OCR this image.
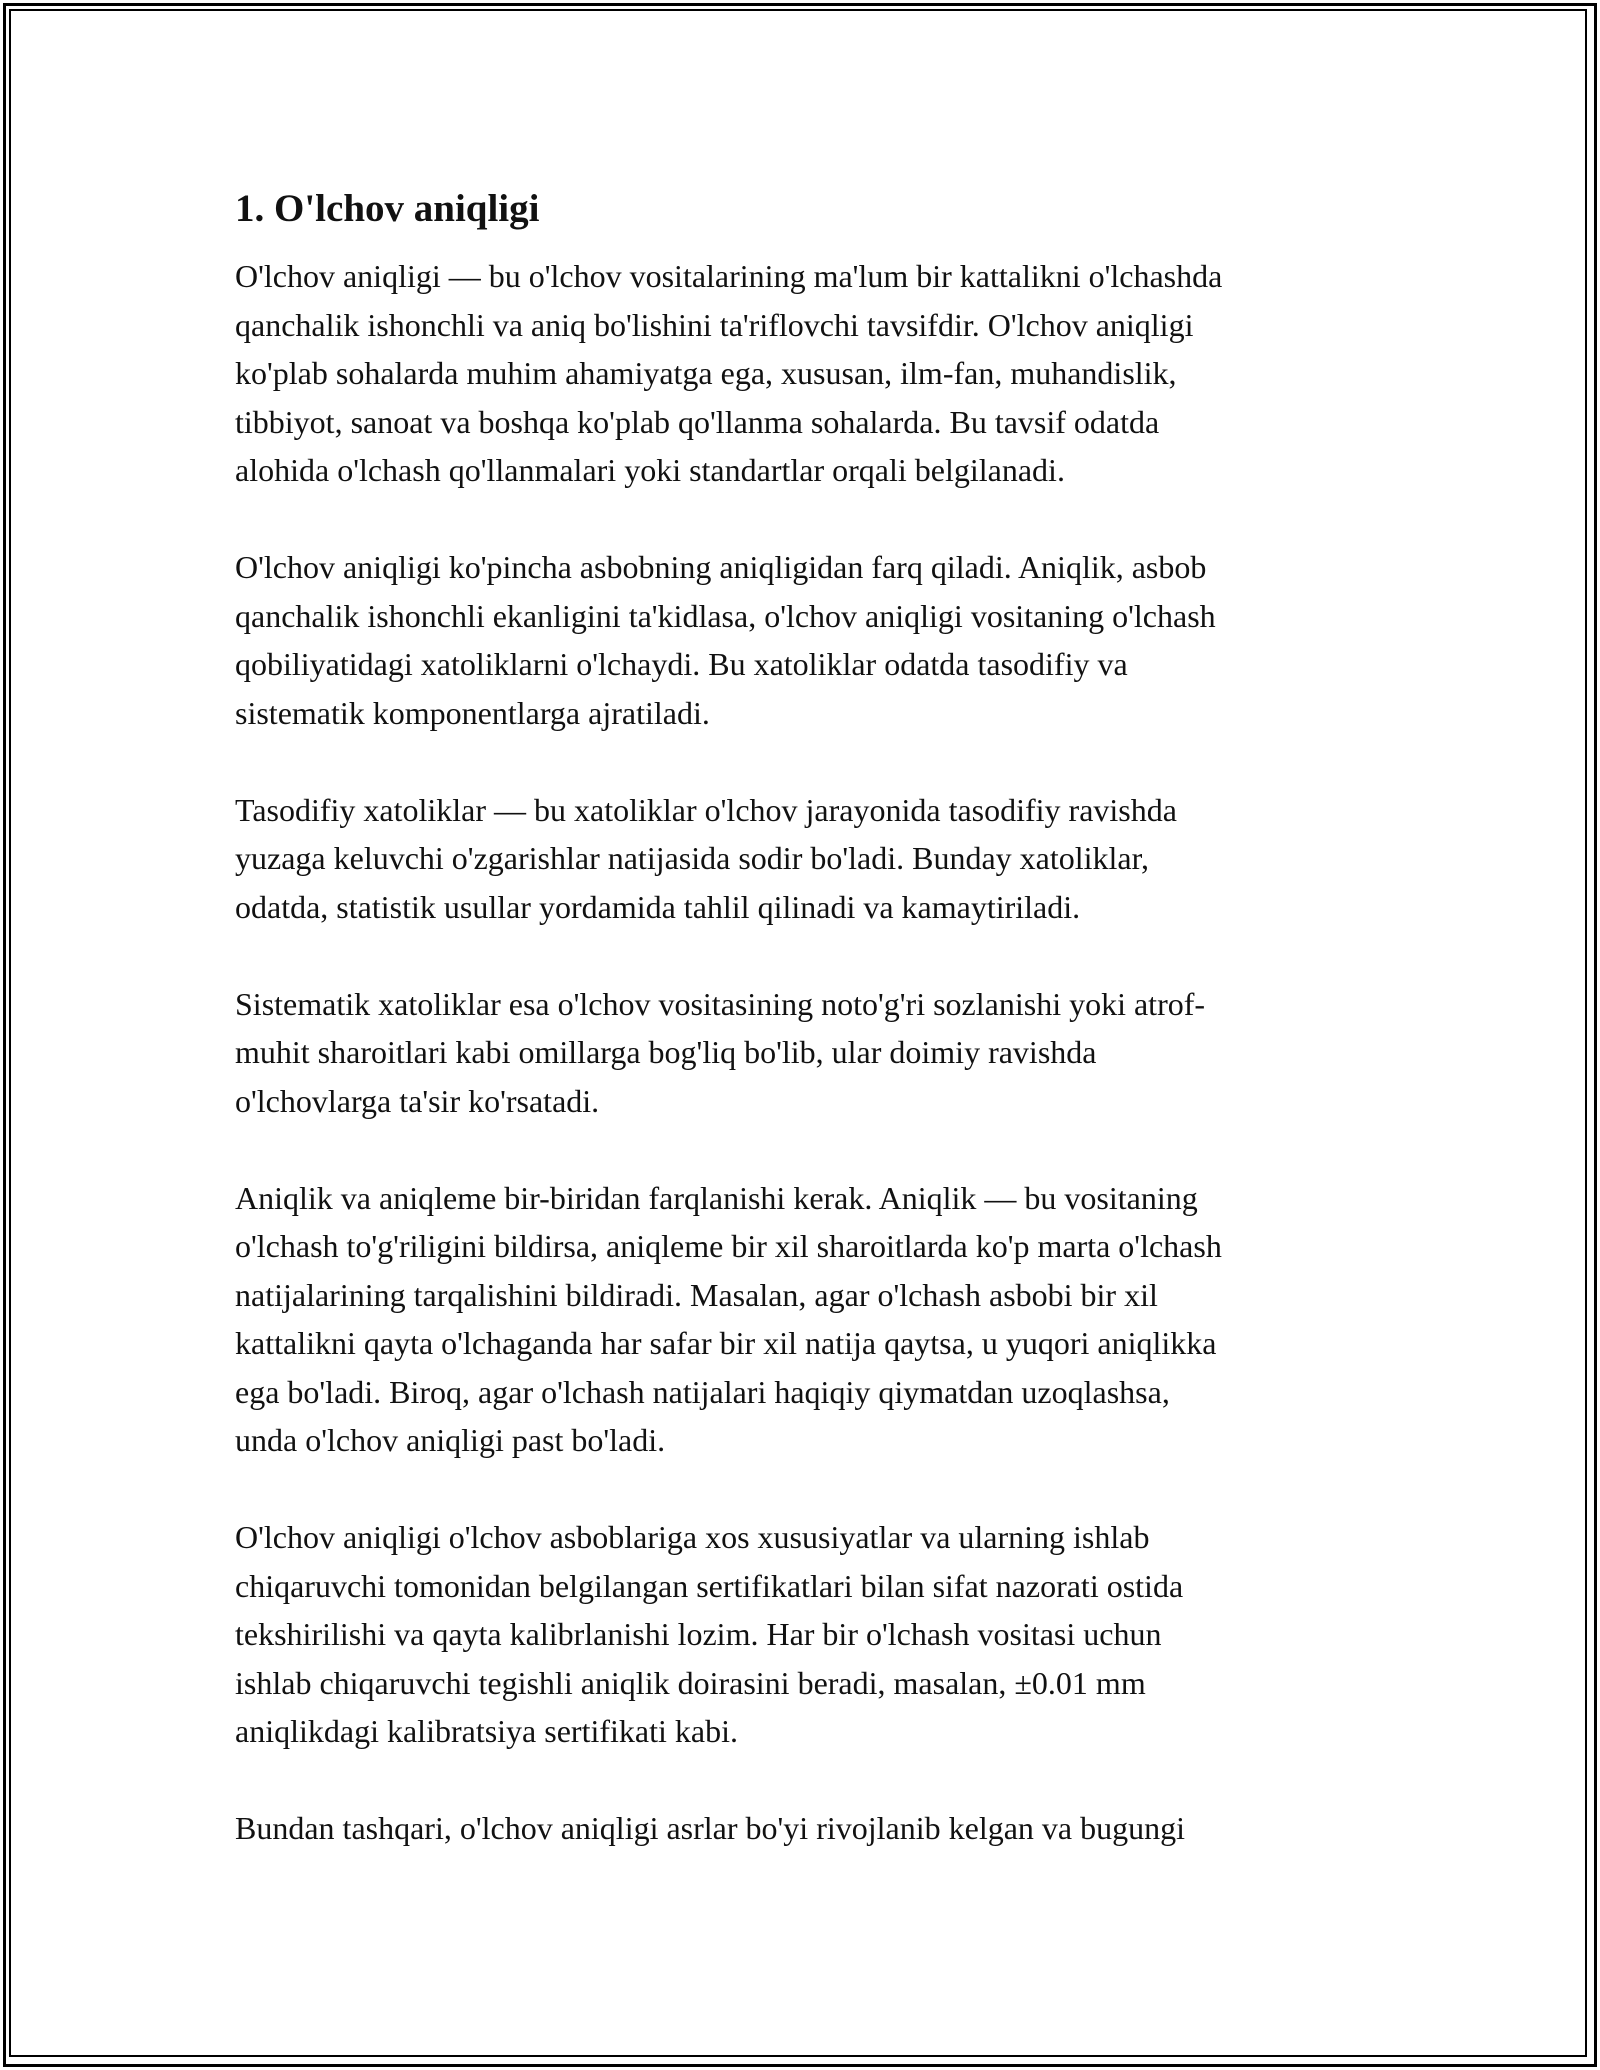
1. O'lchov aniqligi
O'lchov aniqligi — bu o'lchov vositalarining ma'lum bir kattalikni o'lchashda
qanchalik ishonchli va aniq bo'lishini ta'riflovchi tavsifdir. O'lchov aniqligi
ko'plab sohalarda muhim ahamiyatga ega, xususan, ilm-fan, muhandislik,
tibbiyot, sanoat va boshqa ko'plab qo'llanma sohalarda. Bu tavsif odatda
alohida o'lchash qo'llanmalari yoki standartlar orqali belgilanadi.
O'lchov aniqligi ko'pincha asbobning aniqligidan farq qiladi. Aniqlik, asbob
qanchalik ishonchli ekanligini ta'kidlasa, o'lchov aniqligi vositaning o'lchash
qobiliyatidagi xatoliklarni o'lchaydi. Bu xatoliklar odatda tasodifiy va
sistematik komponentlarga ajratiladi.
Tasodifiy xatoliklar — bu xatoliklar o'lchov jarayonida tasodifiy ravishda
yuzaga keluvchi o'zgarishlar natijasida sodir bo'ladi. Bunday xatoliklar,
odatda, statistik usullar yordamida tahlil qilinadi va kamaytiriladi.
Sistematik xatoliklar esa o'lchov vositasining noto'g'ri sozlanishi yoki atrof-
muhit sharoitlari kabi omillarga bog'liq bo'lib, ular doimiy ravishda
o'lchovlarga ta'sir ko'rsatadi.
Aniqlik va aniqleme bir-biridan farqlanishi kerak. Aniqlik — bu vositaning
o'lchash to'g'riligini bildirsa, aniqleme bir xil sharoitlarda ko'p marta o'lchash
natijalarining tarqalishini bildiradi. Masalan, agar o'lchash asbobi bir xil
kattalikni qayta o'lchaganda har safar bir xil natija qaytsa, u yuqori aniqlikka
ega bo'ladi. Biroq, agar o'lchash natijalari haqiqiy qiymatdan uzoqlashsa,
unda o'lchov aniqligi past bo'ladi.
O'lchov aniqligi o'lchov asboblariga xos xususiyatlar va ularning ishlab
chiqaruvchi tomonidan belgilangan sertifikatlari bilan sifat nazorati ostida
tekshirilishi va qayta kalibrlanishi lozim. Har bir o'lchash vositasi uchun
ishlab chiqaruvchi tegishli aniqlik doirasini beradi, masalan, ±0.01 mm
aniqlikdagi kalibratsiya sertifikati kabi.
Bundan tashqari, o'lchov aniqligi asrlar bo'yi rivojlanib kelgan va bugungi
